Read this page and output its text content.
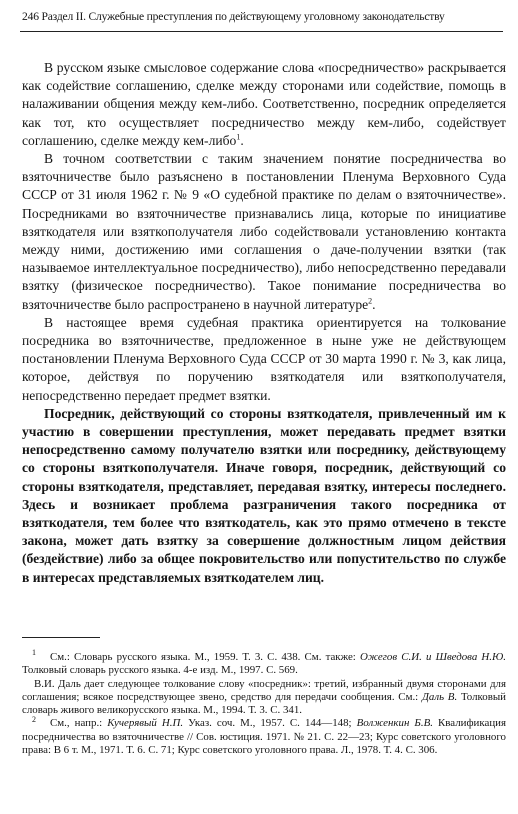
246 Раздел II. Служебные преступления по действующему уголовному законодательству

В русском языке смысловое содержание слова «посредничество» раскрывается как содействие соглашению, сделке между сторонами или содействие, помощь в налаживании общения между кем-либо. Соответственно, посредник определяется как тот, кто осуществляет посредничество между кем-либо, содействует соглашению, сделке между кем-либо$^1$.

В точном соответствии с таким значением понятие посредничества во взяточничестве было разъяснено в постановлении Пленума Верховного Суда СССР от 31 июля 1962 г. № 9 «О судебной практике по делам о взяточничестве». Посредниками во взяточничестве признавались лица, которые по инициативе взяткодателя или взяткополучателя либо содействовали установлению контакта между ними, достижению ими соглашения о даче-получении взятки (так называемое интеллектуальное посредничество), либо непосредственно передавали взятку (физическое посредничество). Такое понимание посредничества во взяточничестве было распространено в научной литературе$^2$.

В настоящее время судебная практика ориентируется на толкование посредника во взяточничестве, предложенное в ныне уже не действующем постановлении Пленума Верховного Суда СССР от 30 марта 1990 г. № 3, как лица, которое, действуя по поручению взяткодателя или взяткополучателя, непосредственно передает предмет взятки.

Посредник, действующий со стороны взяткодателя, привлеченный им к участию в совершении преступления, может передавать предмет взятки непосредственно самому получателю взятки или посреднику, действующему со стороны взяткополучателя. Иначе говоря, посредник, действующий со стороны взяткодателя, представляет, передавая взятку, интересы последнего. Здесь и возникает проблема разграничения такого посредника от взяткодателя, тем более что взяткодатель, как это прямо отмечено в тексте закона, может дать взятку за совершение должностным лицом действия (бездействие) либо за общее покровительство или попустительство по службе в интересах представляемых взяткодателем лиц.

$^1$ См.: Словарь русского языка. М., 1959. Т. 3. С. 438. См. также: Ожегов С.И. и Шведова Н.Ю. Толковый словарь русского языка. 4-е изд. М., 1997. С. 569.

В.И. Даль дает следующее толкование слову «посредник»: третий, избранный двумя сторонами для соглашения; всякое посредствующее звено, средство для передачи сообщения. См.: Даль В. Толковый словарь живого великорусского языка. М., 1994. Т. 3. С. 341.

$^2$ См., напр.: Кучерявый Н.П. Указ. соч. М., 1957. С. 144—148; Волженкин Б.В. Квалификация посредничества во взяточничестве // Сов. юстиция. 1971. № 21. С. 22—23; Курс советского уголовного права: В 6 т. М., 1971. Т. 6. С. 71; Курс советского уголовного права. Л., 1978. Т. 4. С. 306.
